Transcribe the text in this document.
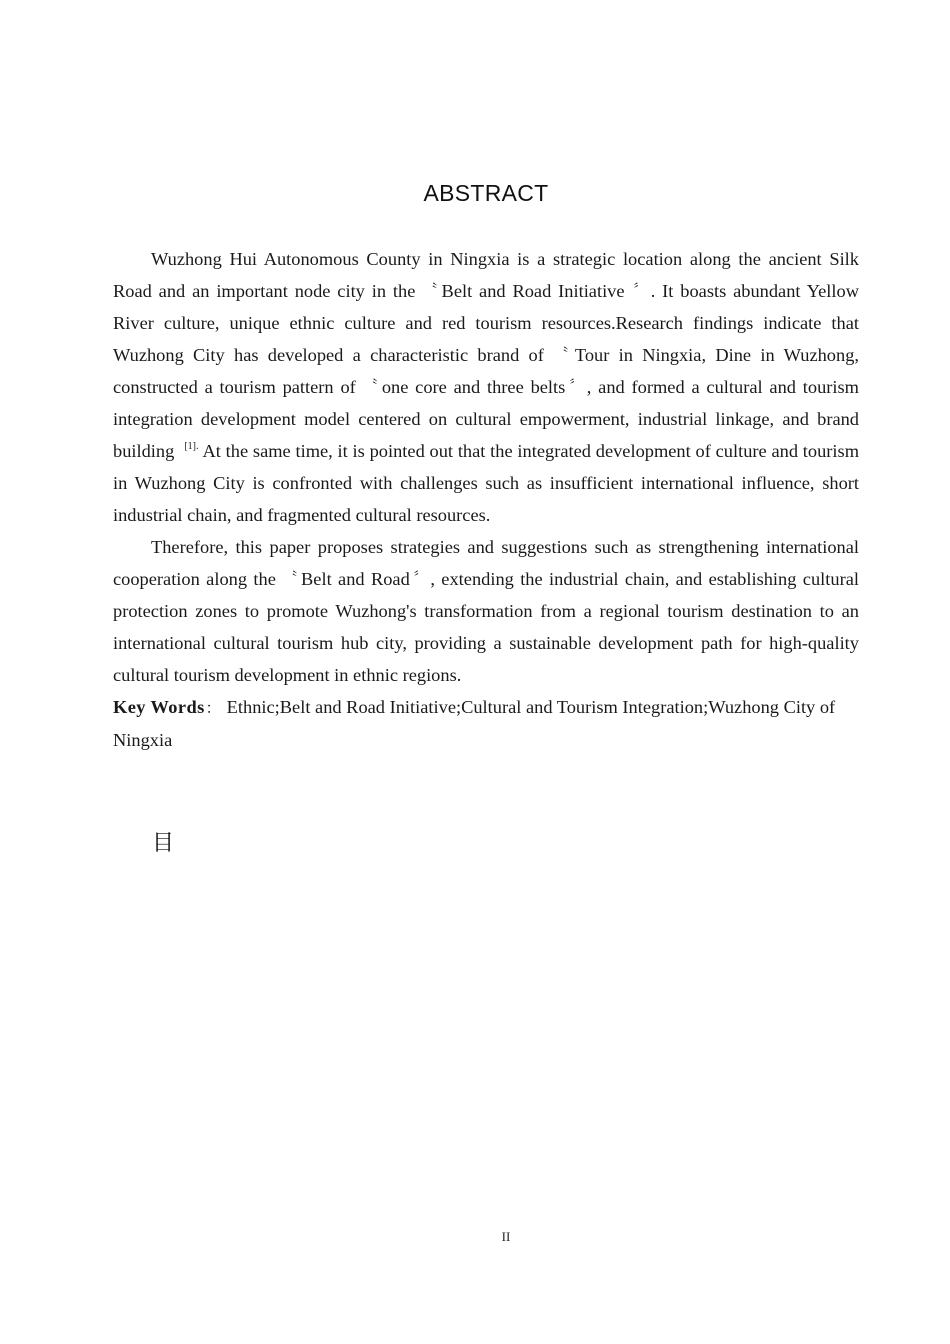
ABSTRACT

Wuzhong Hui Autonomous County in Ningxia is a strategic location along the ancient Silk Road and an important node city in the 〝 Belt and Road Initiative 〞 . It boasts abundant Yellow River culture, unique ethnic culture and red tourism resources.Research findings indicate that Wuzhong City has developed a characteristic brand of 〝 Tour in Ningxia, Dine in Wuzhong, constructed a tourism pattern of 〝 one core and three belts 〞 , and formed a cultural and tourism integration development model centered on cultural empowerment, industrial linkage, and brand building $^{[1].}$ At the same time, it is pointed out that the integrated development of culture and tourism in Wuzhong City is confronted with challenges such as insufficient international influence, short industrial chain, and fragmented cultural resources.

Therefore, this paper proposes strategies and suggestions such as strengthening international cooperation along the 〝 Belt and Road 〞 , extending the industrial chain, and establishing cultural protection zones to promote Wuzhong's transformation from a regional tourism destination to an international cultural tourism hub city, providing a sustainable development path for high-quality cultural tourism development in ethnic regions.

Key Words： Ethnic;Belt and Road Initiative;Cultural and Tourism Integration;Wuzhong City of Ningxia

目
II
